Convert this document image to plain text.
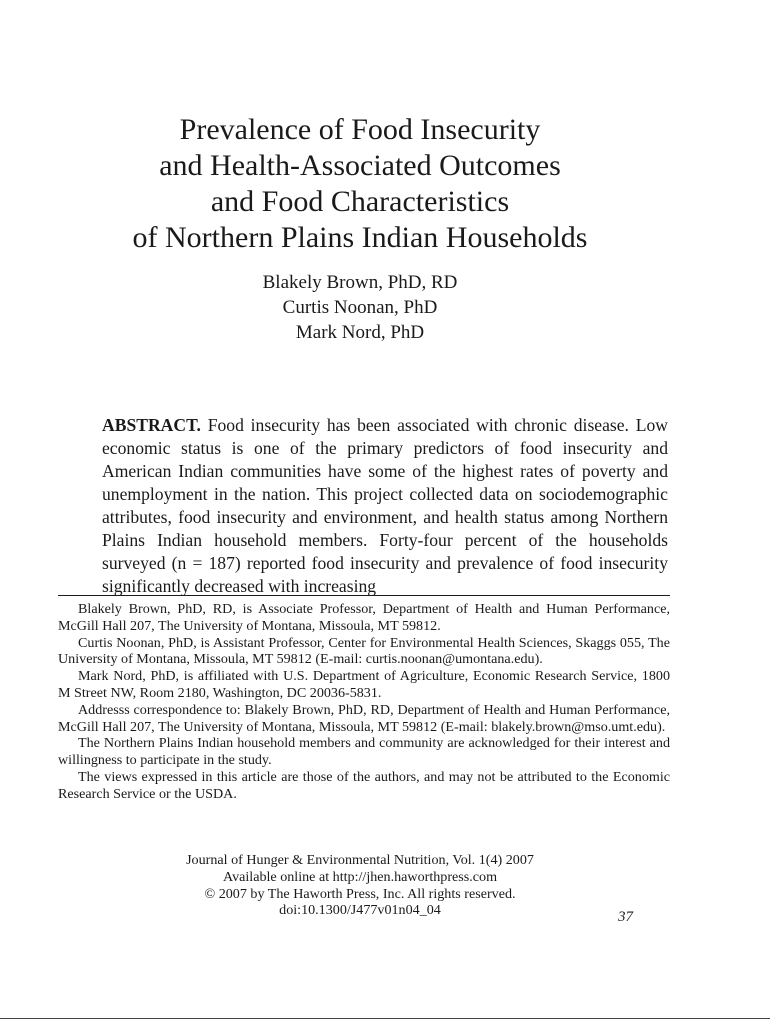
Prevalence of Food Insecurity
and Health-Associated Outcomes
and Food Characteristics
of Northern Plains Indian Households
Blakely Brown, PhD, RD
Curtis Noonan, PhD
Mark Nord, PhD

ABSTRACT. Food insecurity has been associated with chronic disease. Low economic status is one of the primary predictors of food insecurity and American Indian communities have some of the highest rates of poverty and unemployment in the nation. This project collected data on sociodemographic attributes, food insecurity and environment, and health status among Northern Plains Indian household members. Forty-four percent of the households surveyed (n = 187) reported food insecurity and prevalence of food insecurity significantly decreased with increasing

Blakely Brown, PhD, RD, is Associate Professor, Department of Health and Human Performance, McGill Hall 207, The University of Montana, Missoula, MT 59812.

Curtis Noonan, PhD, is Assistant Professor, Center for Environmental Health Sciences, Skaggs 055, The University of Montana, Missoula, MT 59812 (E-mail: curtis.noonan@umontana.edu).

Mark Nord, PhD, is affiliated with U.S. Department of Agriculture, Economic Research Service, 1800 M Street NW, Room 2180, Washington, DC 20036-5831.

Addresss correspondence to: Blakely Brown, PhD, RD, Department of Health and Human Performance, McGill Hall 207, The University of Montana, Missoula, MT 59812 (E-mail: blakely.brown@mso.umt.edu).

The Northern Plains Indian household members and community are acknowledged for their interest and willingness to participate in the study.

The views expressed in this article are those of the authors, and may not be attributed to the Economic Research Service or the USDA.

Journal of Hunger & Environmental Nutrition, Vol. 1(4) 2007
Available online at http://jhen.haworthpress.com
© 2007 by The Haworth Press, Inc. All rights reserved.
doi:10.1300/J477v01n04_04	37
